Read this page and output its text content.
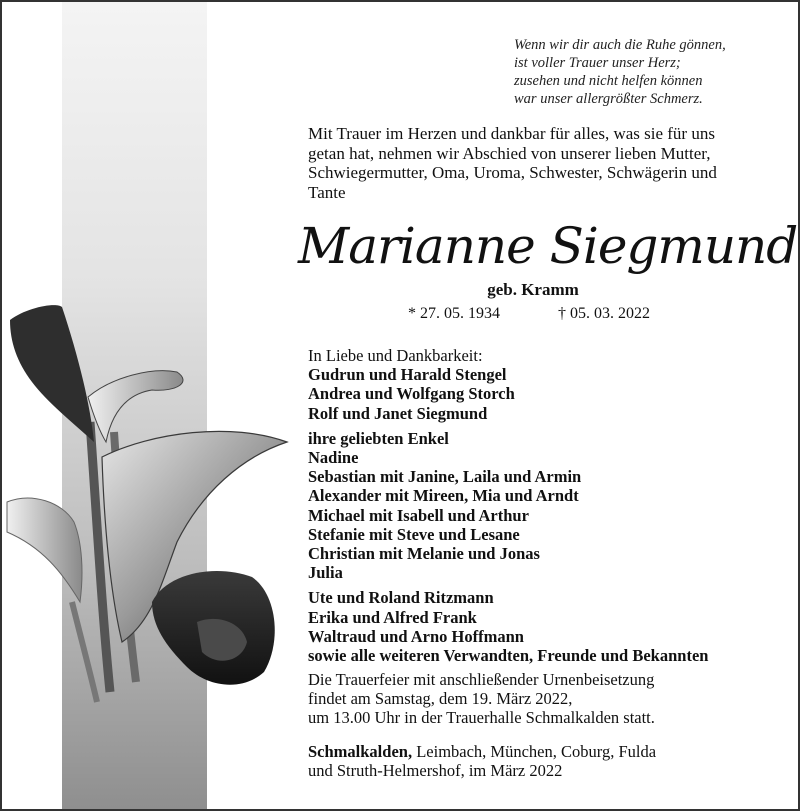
Wenn wir dir auch die Ruhe gönnen,
ist voller Trauer unser Herz;
zusehen und nicht helfen können
war unser allergrößter Schmerz.
Mit Trauer im Herzen und dankbar für alles, was sie für uns
getan hat, nehmen wir Abschied von unserer lieben Mutter,
Schwiegermutter, Oma, Uroma, Schwester, Schwägerin und
Tante
Marianne Siegmund
geb. Kramm
* 27. 05. 1934	† 05. 03. 2022
In Liebe und Dankbarkeit:
Gudrun und Harald Stengel
Andrea und Wolfgang Storch
Rolf und Janet Siegmund
ihre geliebten Enkel
Nadine
Sebastian mit Janine, Laila und Armin
Alexander mit Mireen, Mia und Arndt
Michael mit Isabell und Arthur
Stefanie mit Steve und Lesane
Christian mit Melanie und Jonas
Julia
Ute und Roland Ritzmann
Erika und Alfred Frank
Waltraud und Arno Hoffmann
sowie alle weiteren Verwandten, Freunde und Bekannten
Die Trauerfeier mit anschließender Urnenbeisetzung
findet am Samstag, dem 19. März 2022,
um 13.00 Uhr in der Trauerhalle Schmalkalden statt.
Schmalkalden, Leimbach, München, Coburg, Fulda
und Struth-Helmershof, im März 2022
